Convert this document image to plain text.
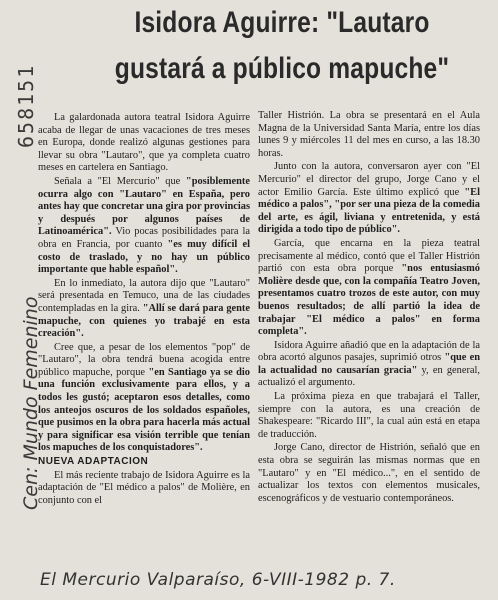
Isidora Aguirre: "Lautaro
gustará a público mapuche"
658151
Cen: Mundo Femenino

La galardonada autora teatral Isidora Aguirre acaba de llegar de unas vacaciones de tres meses en Europa, donde realizó algunas gestiones para llevar su obra "Lautaro", que ya completa cuatro meses en cartelera en Santiago.

Señala a "El Mercurio" que "posiblemente ocurra algo con "Lautaro" en España, pero antes hay que concretar una gira por provincias y después por algunos países de Latinoamérica". Vio pocas posibilidades para la obra en Francia, por cuanto "es muy difícil el costo de traslado, y no hay un público importante que hable español".

En lo inmediato, la autora dijo que "Lautaro" será presentada en Temuco, una de las ciudades contempladas en la gira. "Allí se dará para gente mapuche, con quienes yo trabajé en esta creación".

Cree que, a pesar de los elementos "pop" de "Lautaro", la obra tendrá buena acogida entre público mapuche, porque "en Santiago ya se dio una función exclusivamente para ellos, y a todos les gustó; aceptaron esos detalles, como los anteojos oscuros de los soldados españoles, que pusimos en la obra para hacerla más actual y para significar esa visión terrible que tenían los mapuches de los conquistadores".

NUEVA ADAPTACION

El más reciente trabajo de Isidora Aguirre es la adaptación de "El médico a palos" de Molière, en conjunto con el

Taller Histrión. La obra se presentará en el Aula Magna de la Universidad Santa María, entre los días lunes 9 y miércoles 11 del mes en curso, a las 18.30 horas.

Junto con la autora, conversaron ayer con "El Mercurio" el director del grupo, Jorge Cano y el actor Emilio García. Este último explicó que "El médico a palos", "por ser una pieza de la comedia del arte, es ágil, liviana y entretenida, y está dirigida a todo tipo de público".

García, que encarna en la pieza teatral precisamente al médico, contó que el Taller Histrión partió con esta obra porque "nos entusiasmó Molière desde que, con la compañía Teatro Joven, presentamos cuatro trozos de este autor, con muy buenos resultados; de allí partió la idea de trabajar "El médico a palos" en forma completa".

Isidora Aguirre añadió que en la adaptación de la obra acortó algunos pasajes, suprimió otros "que en la actualidad no causarían gracia" y, en general, actualizó el argumento.

La próxima pieza en que trabajará el Taller, siempre con la autora, es una creación de Shakespeare: "Ricardo III", la cual aún está en etapa de traducción.

Jorge Cano, director de Histrión, señaló que en esta obra se seguirán las mismas normas que en "Lautaro" y en "El médico...", en el sentido de actualizar los textos con elementos musicales, escenográficos y de vestuario contemporáneos.

El Mercurio Valparaíso, 6-VIII-1982 p. 7.
